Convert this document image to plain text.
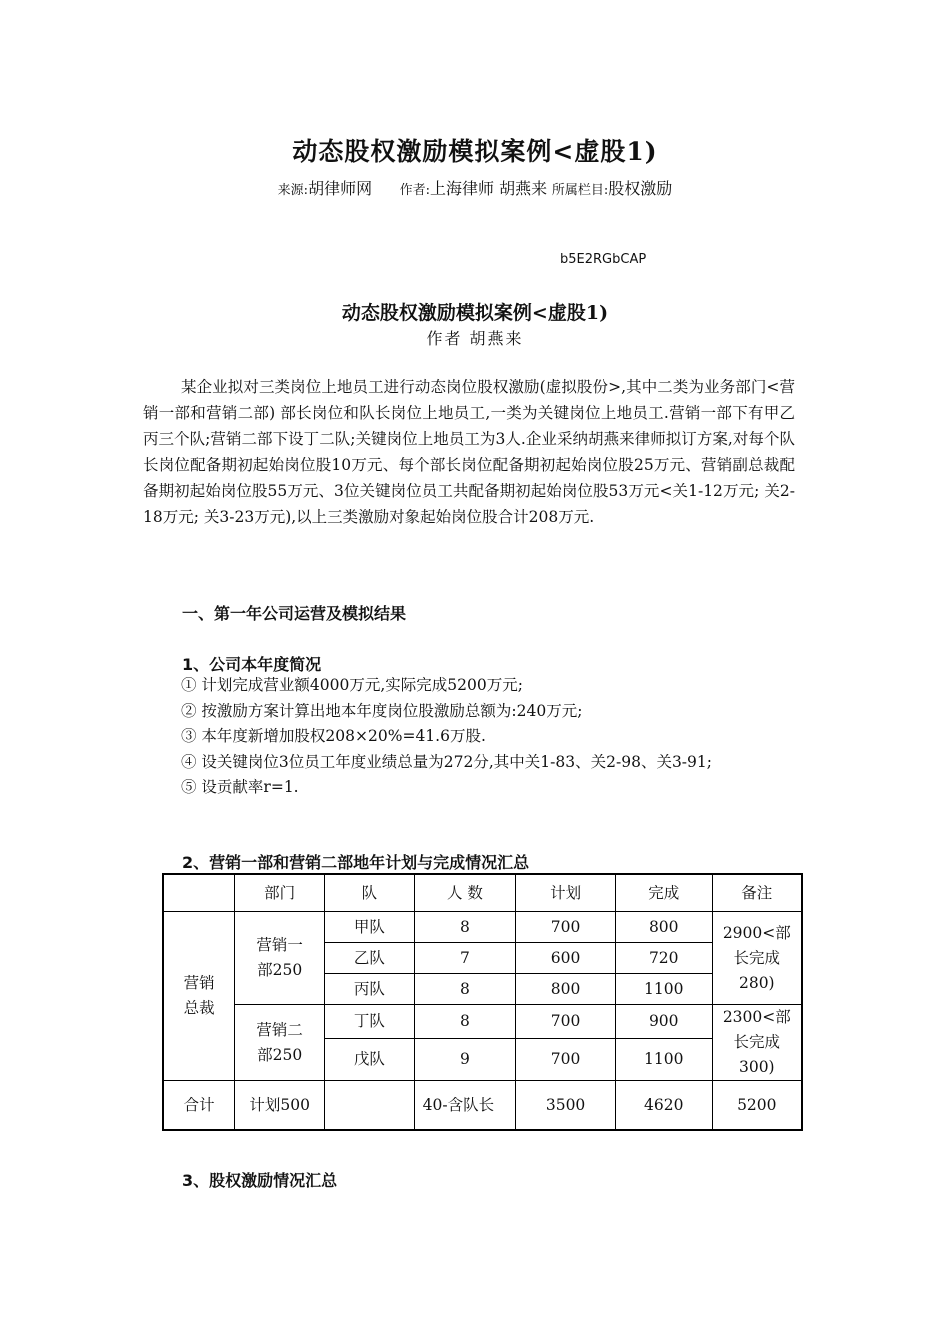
动态股权激励模拟案例<虚股1)
来源:胡律师网 作者:上海律师 胡燕来 所属栏目:股权激励
b5E2RGbCAP
动态股权激励模拟案例<虚股1)
作者 胡燕来

某企业拟对三类岗位上地员工进行动态岗位股权激励(虚拟股份>,其中二类为业务部门<营销一部和营销二部) 部长岗位和队长岗位上地员工,一类为关键岗位上地员工.营销一部下有甲乙丙三个队;营销二部下设丁二队;关键岗位上地员工为3人.企业采纳胡燕来律师拟订方案,对每个队长岗位配备期初起始岗位股10万元、每个部长岗位配备期初起始岗位股25万元、营销副总裁配备期初起始岗位股55万元、3位关键岗位员工共配备期初起始岗位股53万元<关1-12万元; 关2-18万元; 关3-23万元),以上三类激励对象起始岗位股合计208万元.

一、第一年公司运营及模拟结果
1、公司本年度简况
① 计划完成营业额4000万元,实际完成5200万元;
② 按激励方案计算出地本年度岗位股激励总额为:240万元;
③ 本年度新增加股权208×20%=41.6万股.
④ 设关键岗位3位员工年度业绩总量为272分,其中关1-83、关2-98、关3-91;
⑤ 设贡献率r=1.
2、营销一部和营销二部地年计划与完成情况汇总
	部门	队	人 数	计划	完成	备注
营销总裁	营销一部250	甲队	8	700	800	2900<部长完成280)
		乙队	7	600	720	
		丙队	8	800	1100	
	营销二部250	丁队	8	700	900	2300<部长完成300)
		戊队	9	700	1100	
合计	计划500		40-含队长	3500	4620	5200
3、股权激励情况汇总
